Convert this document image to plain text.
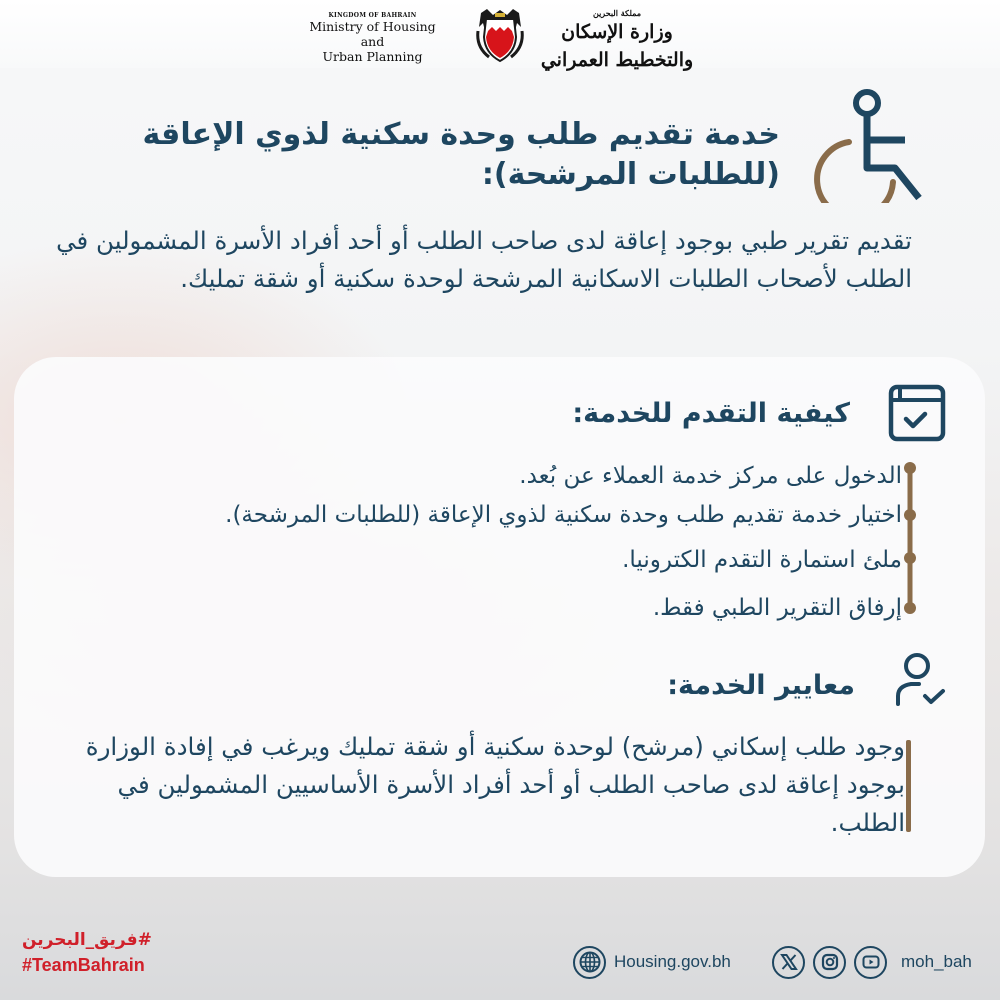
KINGDOM OF BAHRAIN
Ministry of Housing and
Urban Planning
مملكة البحرين
وزارة الإسكان والتخطيط العمراني
خدمة تقديم طلب وحدة سكنية لذوي الإعاقة
(للطلبات المرشحة):
تقديم تقرير طبي بوجود إعاقة لدى صاحب الطلب أو أحد أفراد الأسرة المشمولين في الطلب لأصحاب الطلبات الاسكانية المرشحة لوحدة سكنية أو شقة تمليك.
كيفية التقدم للخدمة:
الدخول على مركز خدمة العملاء عن بُعد.
اختيار خدمة تقديم طلب وحدة سكنية لذوي الإعاقة (للطلبات المرشحة).
ملئ استمارة التقدم الكترونيا.
إرفاق التقرير الطبي فقط.
معايير الخدمة:
وجود طلب إسكاني (مرشح) لوحدة سكنية أو شقة تمليك ويرغب في إفادة الوزارة بوجود إعاقة لدى صاحب الطلب أو أحد أفراد الأسرة الأساسيين المشمولين في الطلب.
#فريق_البحرين
#TeamBahrain	Housing.gov.bh	moh_bah
